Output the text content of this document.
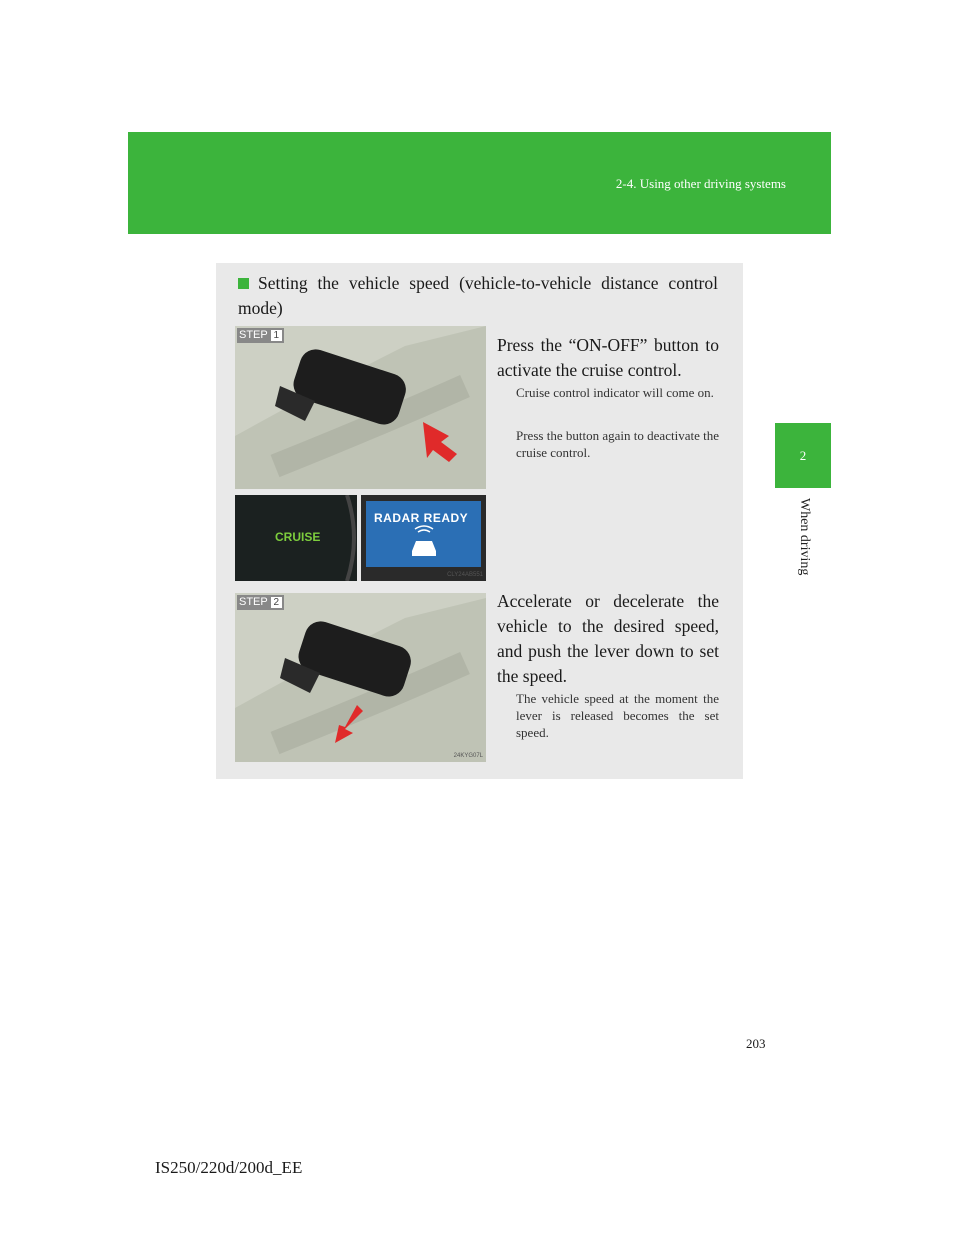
2-4. Using other driving systems
2
When driving
Setting the vehicle speed (vehicle-to-vehicle distance control mode)
STEP 1
CRUISE
RADAR READY
CLY24AB551
Press the “ON-OFF” button to activate the cruise control.
Cruise control indicator will come on.
Press the button again to deactivate the cruise control.
STEP 2
24KYG07L
Accelerate or decelerate the vehicle to the desired speed, and push the lever down to set the speed.
The vehicle speed at the moment the lever is released becomes the set speed.
203
IS250/220d/200d_EE
